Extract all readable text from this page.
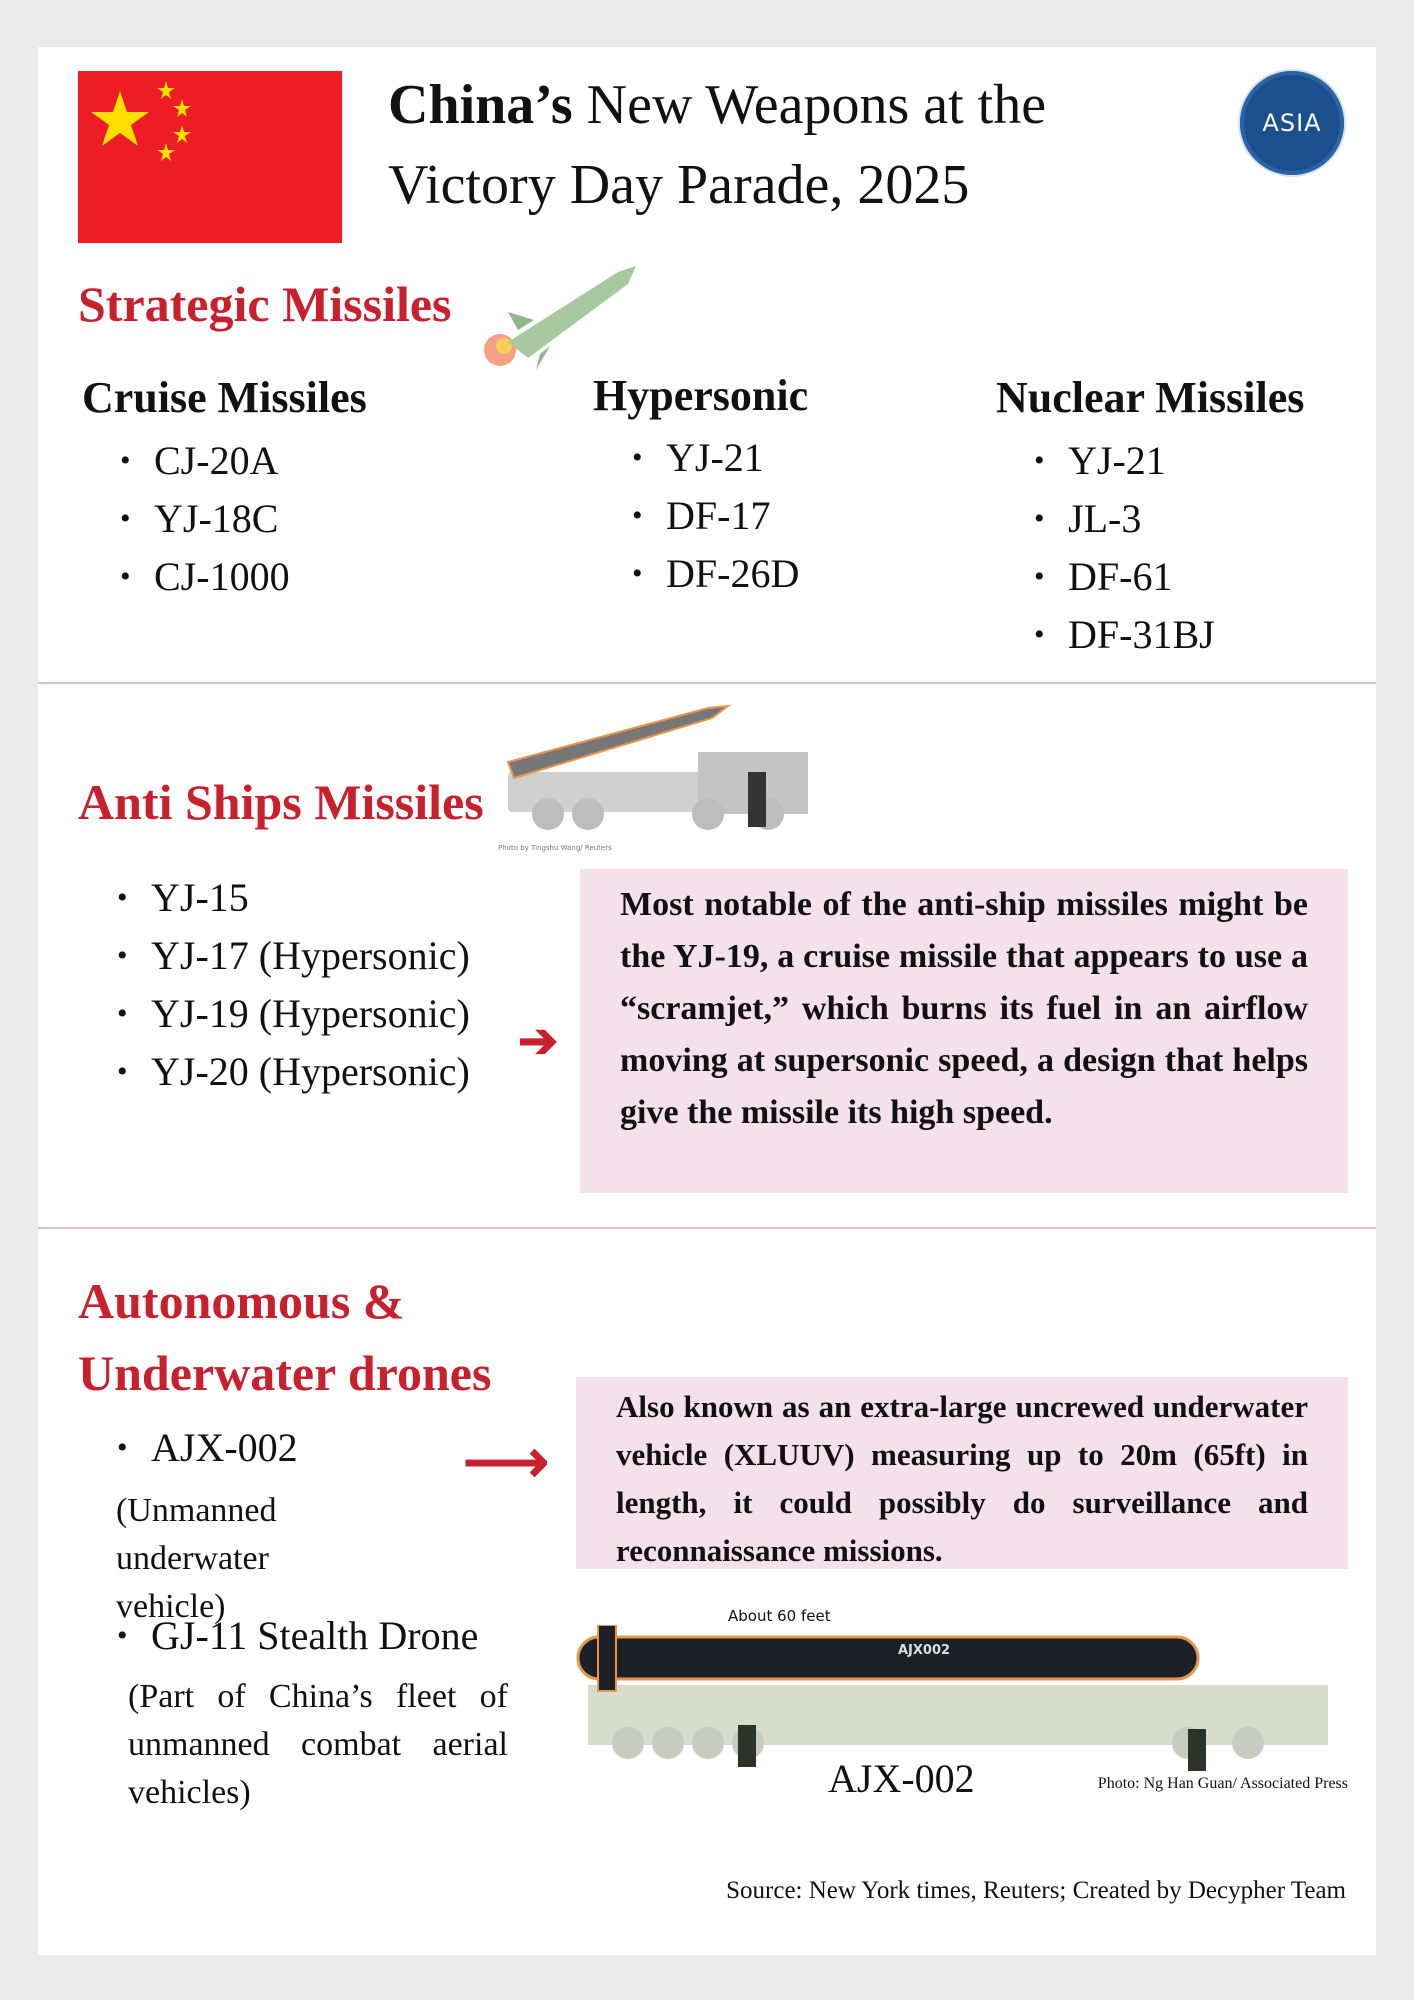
China’s New Weapons at the
Victory Day Parade, 2025
ASIA
Strategic Missiles
Cruise Missiles
• CJ-20A
• YJ-18C
• CJ-1000
Hypersonic
• YJ-21
• DF-17
• DF-26D
Nuclear Missiles
• YJ-21
• JL-3
• DF-61
• DF-31BJ
Anti Ships Missiles
Photo by Tingshu Wang/ Reuters
• YJ-15
• YJ-17 (Hypersonic)
• YJ-19 (Hypersonic)
• YJ-20 (Hypersonic)
➔
Most notable of the anti-ship missiles might be the YJ-19, a cruise missile that appears to use a “scramjet,” which burns its fuel in an airflow moving at supersonic speed, a design that helps give the missile its high speed.
Autonomous &
Underwater drones
• AJX-002
(Unmanned underwater vehicle)
⟶
• GJ-11 Stealth Drone
(Part of China’s fleet of unmanned combat aerial vehicles)
Also known as an extra-large uncrewed underwater vehicle (XLUUV) measuring up to 20m (65ft) in length, it could possibly do surveillance and reconnaissance missions.
About 60 feet
AJX002
AJX-002	Photo: Ng Han Guan/ Associated Press
Source: New York times, Reuters; Created by Decypher Team
